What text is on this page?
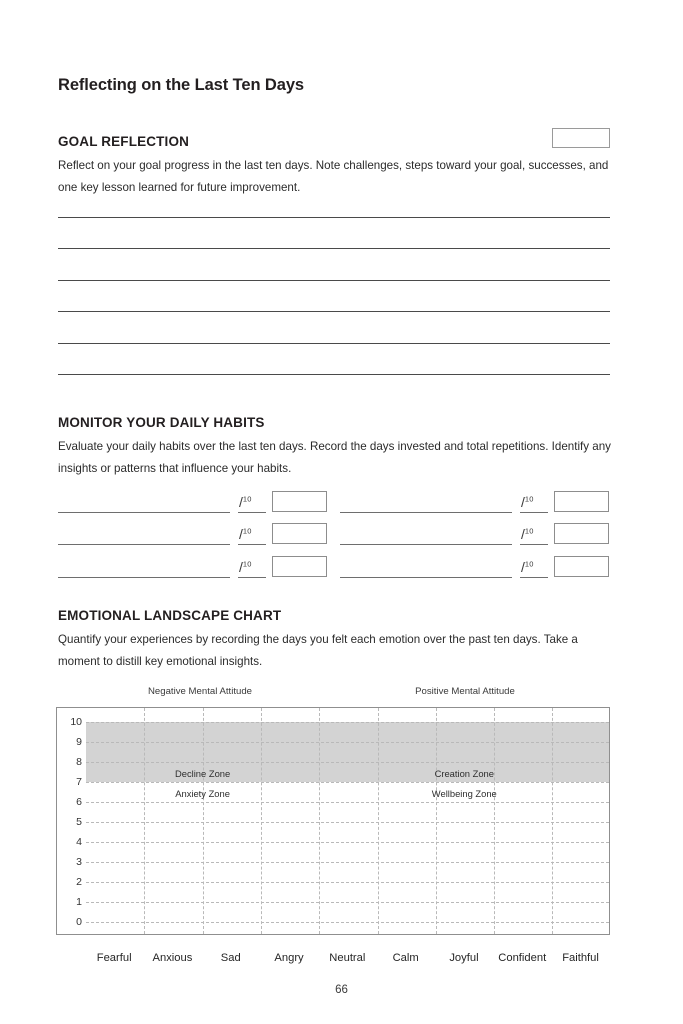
Reflecting on the Last Ten Days
GOAL REFLECTION
Reflect on your goal progress in the last ten days. Note challenges, steps toward your goal, successes, and one key lesson learned for future improvement.
MONITOR YOUR DAILY HABITS
Evaluate your daily habits over the last ten days. Record the days invested and total repetitions. Identify any insights or patterns that influence your habits.
/$^{10}$
/$^{10}$
/$^{10}$
/$^{10}$
/$^{10}$
/$^{10}$
EMOTIONAL LANDSCAPE CHART
Quantify your experiences by recording the days you felt each emotion over the past ten days. Take a moment to distill key emotional insights.
Negative Mental Attitude	Positive Mental Attitude
10
9
8
7
6
5
4
3
2
1
0
Decline Zone	Creation Zone
Anxiety Zone	Wellbeing Zone
Fearful	Anxious	Sad	Angry	Neutral	Calm	Joyful	Confident	Faithful
66
